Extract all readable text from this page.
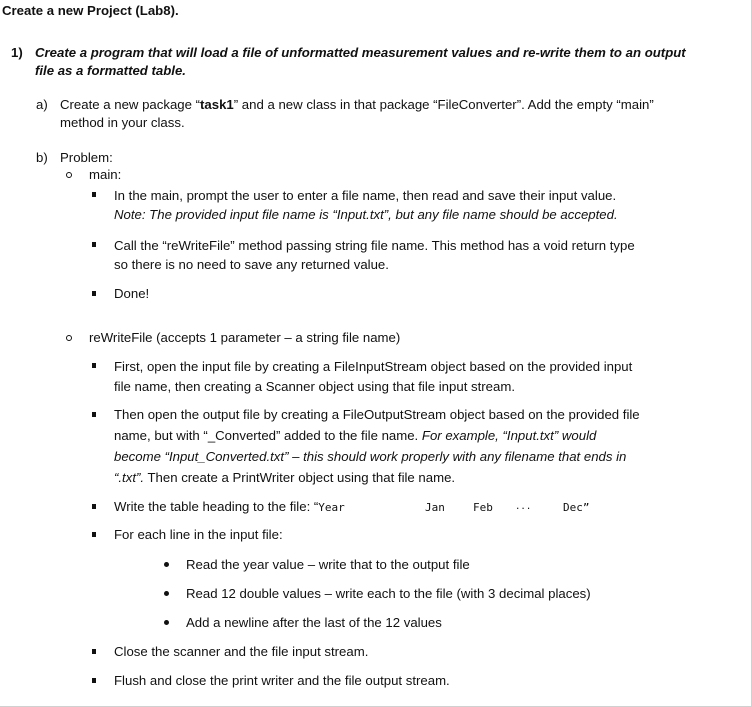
Create a new Project (Lab8).
1) Create a program that will load a file of unformatted measurement values and re-write them to an output
file as a formatted table.
a) Create a new package “task1” and a new class in that package “FileConverter”. Add the empty “main”
method in your class.
b) Problem:
main:
In the main, prompt the user to enter a file name, then read and save their input value.
Note: The provided input file name is “Input.txt”, but any file name should be accepted.
Call the “reWriteFile” method passing string file name. This method has a void return type
so there is no need to save any returned value.
Done!
reWriteFile (accepts 1 parameter – a string file name)
First, open the input file by creating a FileInputStream object based on the provided input
file name, then creating a Scanner object using that file input stream.
Then open the output file by creating a FileOutputStream object based on the provided file
name, but with “_Converted” added to the file name. For example, “Input.txt” would
become “Input_Converted.txt” – this should work properly with any filename that ends in
“.txt”. Then create a PrintWriter object using that file name.
Write the table heading to the file: “Year	Jan	Feb ...	Dec”
For each line in the input file:
Read the year value – write that to the output file
Read 12 double values – write each to the file (with 3 decimal places)
Add a newline after the last of the 12 values
Close the scanner and the file input stream.
Flush and close the print writer and the file output stream.
